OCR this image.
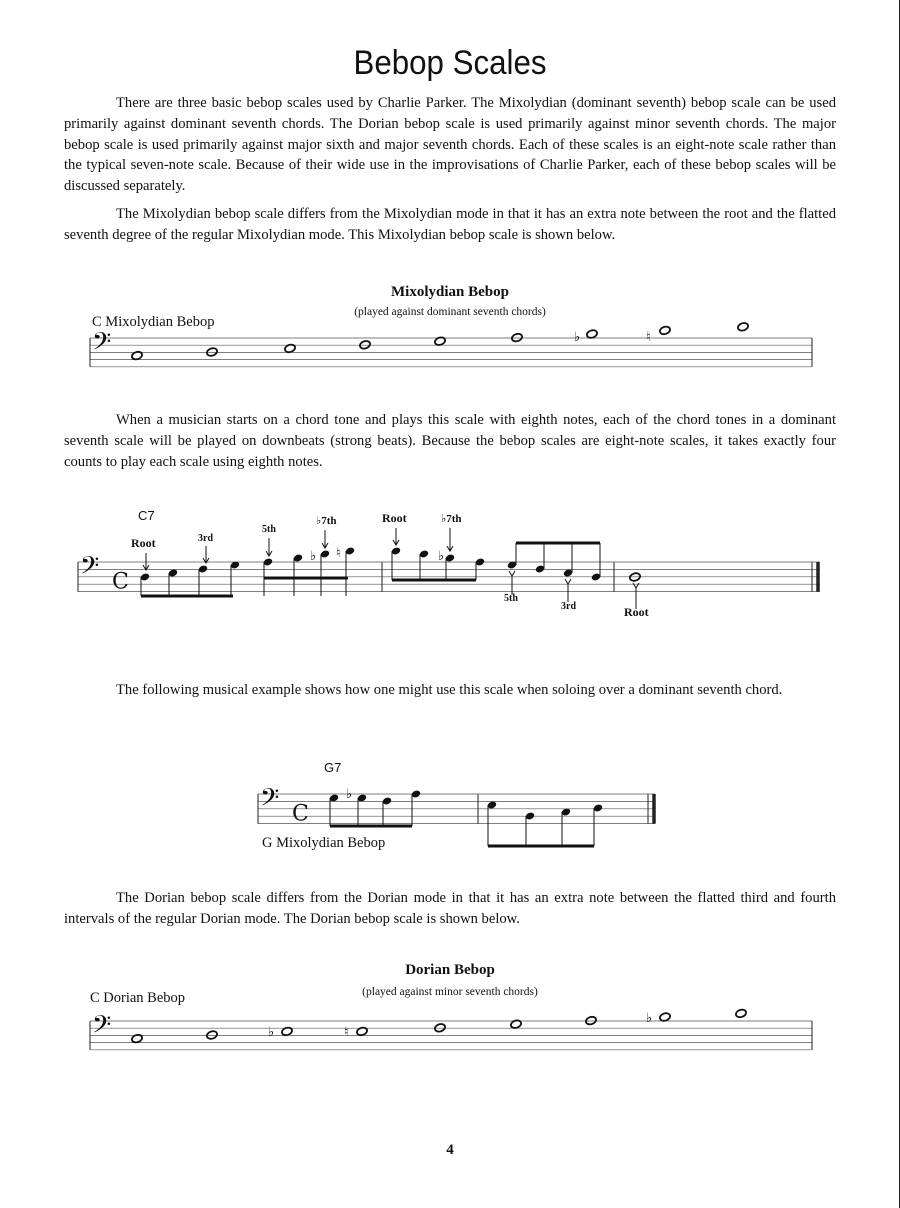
Bebop Scales

There are three basic bebop scales used by Charlie Parker. The Mixolydian (dominant seventh) bebop scale can be used primarily against dominant seventh chords. The Dorian bebop scale is used primarily against minor seventh chords. The major bebop scale is used primarily against major sixth and major seventh chords. Each of these scales is an eight-note scale rather than the typical seven-note scale. Because of their wide use in the improvisations of Charlie Parker, each of these bebop scales will be discussed separately.

The Mixolydian bebop scale differs from the Mixolydian mode in that it has an extra note between the root and the flatted seventh degree of the regular Mixolydian mode. This Mixolydian bebop scale is shown below.

Mixolydian Bebop
(played against dominant seventh chords)
C Mixolydian Bebop
𝄢	♭	♮
𝄢 C
♭ ♮	♭
Root	3rd
5th
♭7th	Root	♭7th
5th
3rd	Root
𝄢 C
♭
𝄢	♭	♮
♭

When a musician starts on a chord tone and plays this scale with eighth notes, each of the chord tones in a dominant seventh scale will be played on downbeats (strong beats). Because the bebop scales are eight-note scales, it takes exactly four counts to play each scale using eighth notes.

C7

The following musical example shows how one might use this scale when soloing over a dominant seventh chord.

G7
G Mixolydian Bebop

The Dorian bebop scale differs from the Dorian mode in that it has an extra note between the flatted third and fourth intervals of the regular Dorian mode. The Dorian bebop scale is shown below.

Dorian Bebop
(played against minor seventh chords)
C Dorian Bebop
4
